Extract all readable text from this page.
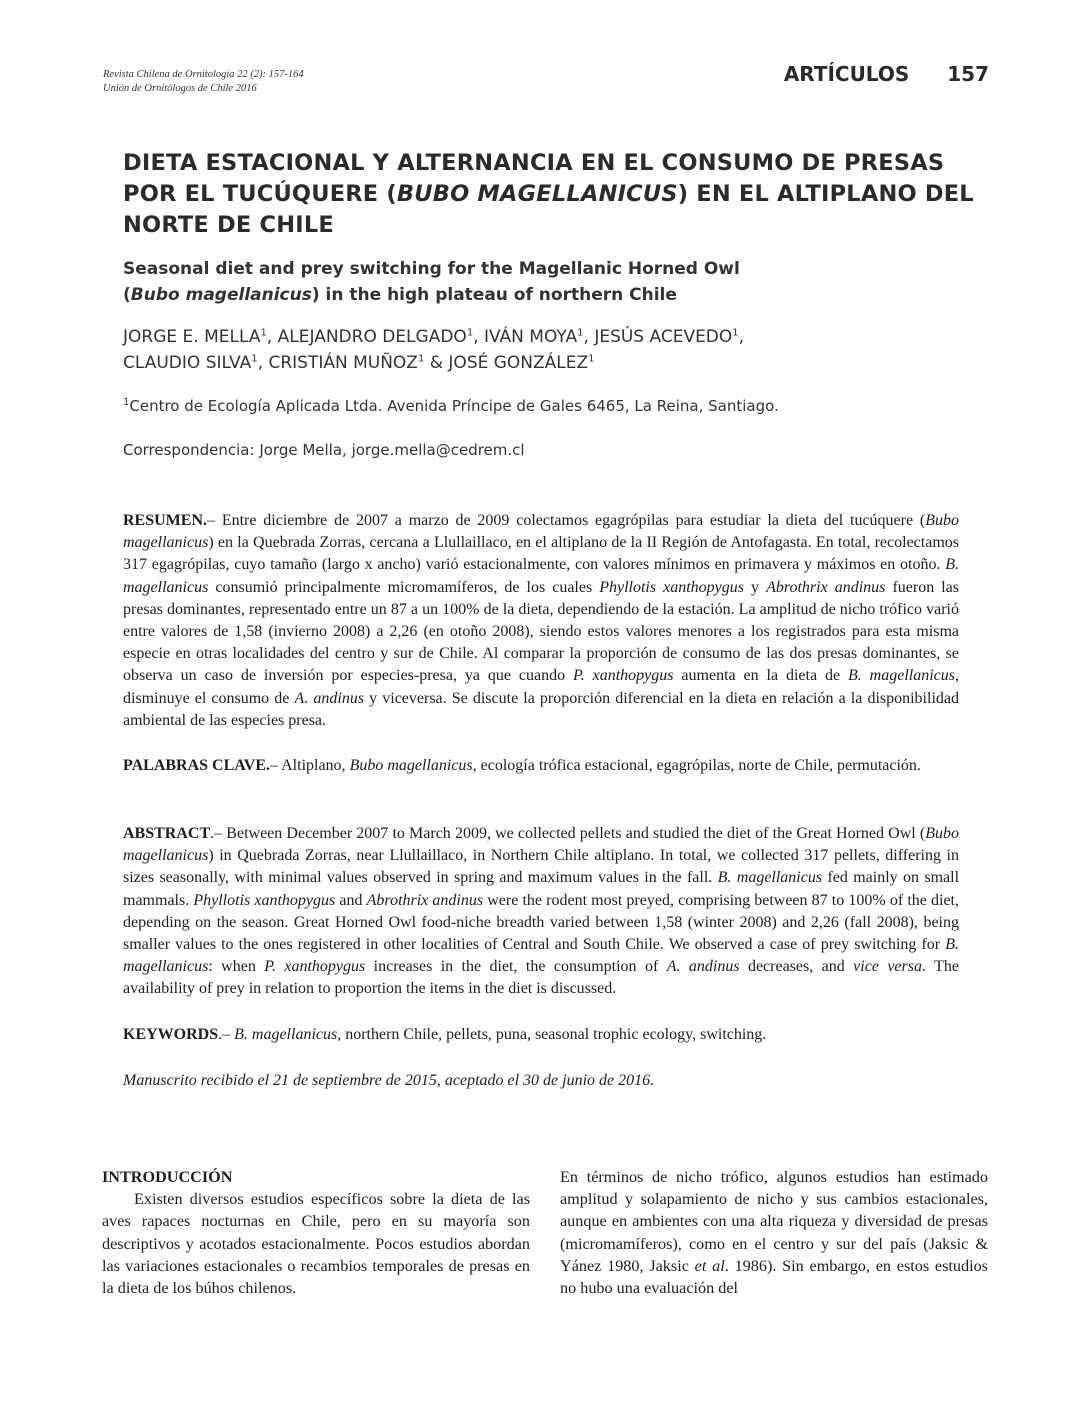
Revista Chilena de Ornitología 22 (2): 157-164
Unión de Ornitólogos de Chile 2016
ARTÍCULOS 157
DIETA ESTACIONAL Y ALTERNANCIA EN EL CONSUMO DE PRESAS
POR EL TUCÚQUERE (BUBO MAGELLANICUS) EN EL ALTIPLANO DEL
NORTE DE CHILE
Seasonal diet and prey switching for the Magellanic Horned Owl
(Bubo magellanicus) in the high plateau of northern Chile
JORGE E. MELLA$^1$, ALEJANDRO DELGADO$^1$, IVÁN MOYA$^1$, JESÚS ACEVEDO$^1$,
CLAUDIO SILVA$^1$, CRISTIÁN MUÑOZ$^1$ & JOSÉ GONZÁLEZ$^1$
$^1$Centro de Ecología Aplicada Ltda. Avenida Príncipe de Gales 6465, La Reina, Santiago.
Correspondencia: Jorge Mella, jorge.mella@cedrem.cl

RESUMEN.– Entre diciembre de 2007 a marzo de 2009 colectamos egagrópilas para estudiar la dieta del tucúquere (Bubo magellanicus) en la Quebrada Zorras, cercana a Llullaillaco, en el altiplano de la II Región de Antofagasta. En total, recolectamos 317 egagrópilas, cuyo tamaño (largo x ancho) varió estacionalmente, con valores mínimos en primavera y máximos en otoño. B. magellanicus consumió principalmente micromamíferos, de los cuales Phyllotis xanthopygus y Abrothrix andinus fueron las presas dominantes, representado entre un 87 a un 100% de la dieta, dependiendo de la estación. La amplitud de nicho trófico varió entre valores de 1,58 (invierno 2008) a 2,26 (en otoño 2008), siendo estos valores menores a los registrados para esta misma especie en otras localidades del centro y sur de Chile. Al comparar la proporción de consumo de las dos presas dominantes, se observa un caso de inversión por especies-presa, ya que cuando P. xanthopygus aumenta en la dieta de B. magellanicus, disminuye el consumo de A. andinus y viceversa. Se discute la proporción diferencial en la dieta en relación a la disponibilidad ambiental de las especies presa.

PALABRAS CLAVE.– Altiplano, Bubo magellanicus, ecología trófica estacional, egagrópilas, norte de Chile, permutación.

ABSTRACT.– Between December 2007 to March 2009, we collected pellets and studied the diet of the Great Horned Owl (Bubo magellanicus) in Quebrada Zorras, near Llullaillaco, in Northern Chile altiplano. In total, we collected 317 pellets, differing in sizes seasonally, with minimal values observed in spring and maximum values in the fall. B. magellanicus fed mainly on small mammals. Phyllotis xanthopygus and Abrothrix andinus were the rodent most preyed, comprising between 87 to 100% of the diet, depending on the season. Great Horned Owl food-niche breadth varied between 1,58 (winter 2008) and 2,26 (fall 2008), being smaller values to the ones registered in other localities of Central and South Chile. We observed a case of prey switching for B. magellanicus: when P. xanthopygus increases in the diet, the consumption of A. andinus decreases, and vice versa. The availability of prey in relation to proportion the items in the diet is discussed.

KEYWORDS.– B. magellanicus, northern Chile, pellets, puna, seasonal trophic ecology, switching.

Manuscrito recibido el 21 de septiembre de 2015, aceptado el 30 de junio de 2016.

INTRODUCCIÓN

Existen diversos estudios específicos sobre la dieta de las aves rapaces nocturnas en Chile, pero en su mayoría son descriptivos y acotados estacionalmente. Pocos estudios abordan las variaciones estacionales o recambios temporales de presas en la dieta de los búhos chilenos.

En términos de nicho trófico, algunos estudios han estimado amplitud y solapamiento de nicho y sus cambios estacionales, aunque en ambientes con una alta riqueza y diversidad de presas (micromamíferos), como en el centro y sur del país (Jaksic & Yánez 1980, Jaksic et al. 1986). Sin embargo, en estos estudios no hubo una evaluación del
